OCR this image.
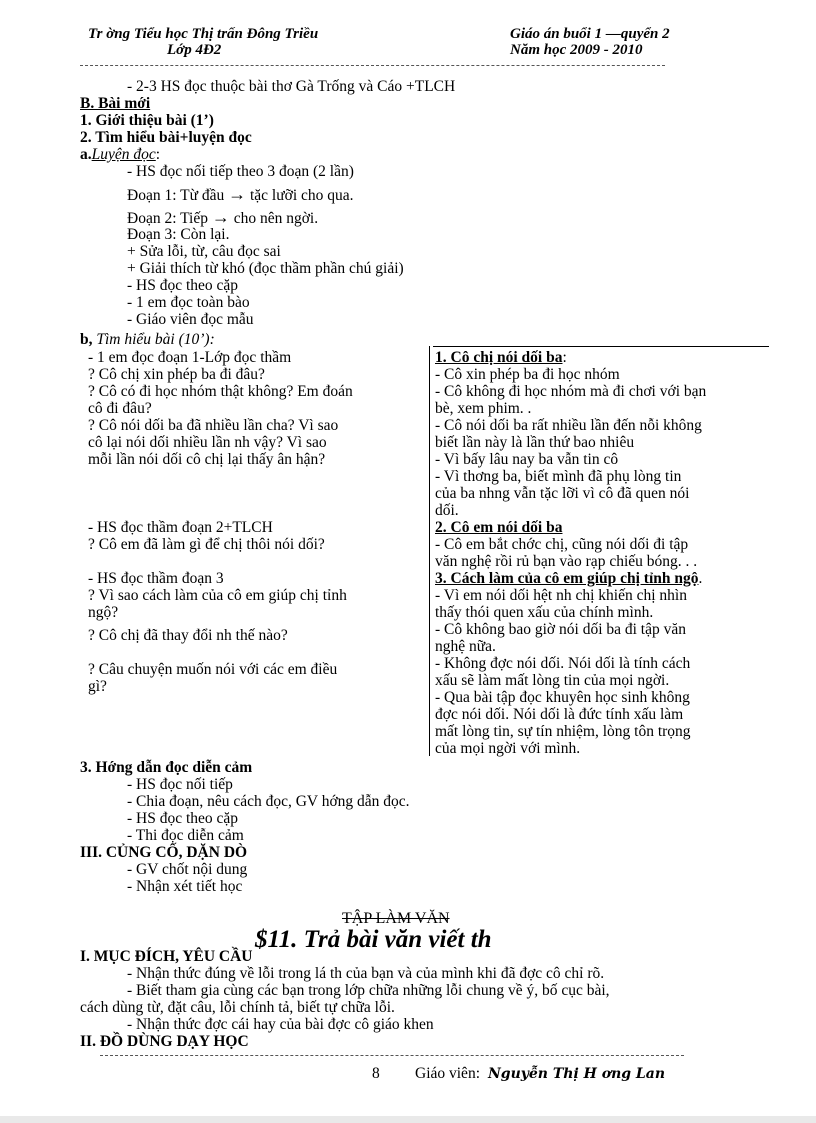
Tr ờng Tiểu học Thị trấn Đông Triều
Lớp 4Đ2
Giáo án buổi 1 —quyển 2
Năm học 2009 - 2010
- 2-3 HS đọc thuộc bài thơ Gà Trống và Cáo +TLCH
B. Bài mới
1. Giới thiệu bài (1’)
2. Tìm hiểu bài+luyện đọc
a.Luyện đọc:
- HS đọc nối tiếp theo 3 đoạn (2 lần)
Đoạn 1: Từ đầu → tặc lưỡi cho qua.
Đoạn 2: Tiếp → cho nên ngời.
Đoạn 3: Còn lại.
+ Sửa lỗi, từ, câu đọc sai
+ Giải thích từ khó (đọc thầm phần chú giải)
- HS đọc theo cặp
- 1 em đọc toàn bào
- Giáo viên đọc mẫu
b, Tìm hiểu bài (10’):
- 1 em đọc đoạn 1-Lớp đọc thầm
? Cô chị xin phép ba đi đâu?
? Cô có đi học nhóm thật không? Em đoán
cô đi đâu?
? Cô nói dối ba đã nhiều lần cha? Vì sao
cô lại nói dối nhiều lần nh vậy? Vì sao
mỗi lần nói dối cô chị lại thấy ân hận?
- HS đọc thầm đoạn 2+TLCH
? Cô em đã làm gì để chị thôi nói dối?
- HS đọc thầm đoạn 3
? Vì sao cách làm của cô em giúp chị tỉnh
ngộ?
? Cô chị đã thay đổi nh thế nào?
? Câu chuyện muốn nói với các em điều
gì?
1. Cô chị nói dối ba:
- Cô xin phép ba đi học nhóm
- Cô không đi học nhóm mà đi chơi với bạn
bè, xem phim. .
- Cô nói dối ba rất nhiều lần đến nỗi không
biết lần này là lần thứ bao nhiêu
- Vì bấy lâu nay ba vẫn tin cô
- Vì thơng ba, biết mình đã phụ lòng tin
của ba nhng vẫn tặc lỡi vì cô đã quen nói
dối.
2. Cô em nói dối ba
- Cô em bắt chớc chị, cũng nói dối đi tập
văn nghệ rồi rủ bạn vào rạp chiếu bóng. . .
3. Cách làm của cô em giúp chị tỉnh ngộ.
- Vì em nói dối hệt nh chị khiến chị nhìn
thấy thói quen xấu của chính mình.
- Cô không bao giờ nói dối ba đi tập văn
nghệ nữa.
- Không đợc nói dối. Nói dối là tính cách
xấu sẽ làm mất lòng tin của mọi ngời.
- Qua bài tập đọc khuyên học sinh không
đợc nói dối. Nói dối là đức tính xấu làm
mất lòng tin, sự tín nhiệm, lòng tôn trọng
của mọi ngời với mình.
3. Hớng dẫn đọc diễn cảm
- HS đọc nối tiếp
- Chia đoạn, nêu cách đọc, GV hớng dẫn đọc.
- HS đọc theo cặp
- Thi đọc diễn cảm
III. CỦNG CỐ, DẶN DÒ
- GV chốt nội dung
- Nhận xét tiết học
TẬP LÀM VĂN
$11. Trả bài văn viết th
I. MỤC ĐÍCH, YÊU CẦU
- Nhận thức đúng về lỗi trong lá th của bạn và của mình khi đã đợc cô chỉ rõ.
- Biết tham gia cùng các bạn trong lớp chữa những lỗi chung về ý, bố cục bài,
cách dùng từ, đặt câu, lỗi chính tả, biết tự chữa lỗi.
- Nhận thức đợc cái hay của bài đợc cô giáo khen
II. ĐỒ DÙNG DẠY HỌC
8 Giáo viên: Nguyễn Thị H ơng Lan
